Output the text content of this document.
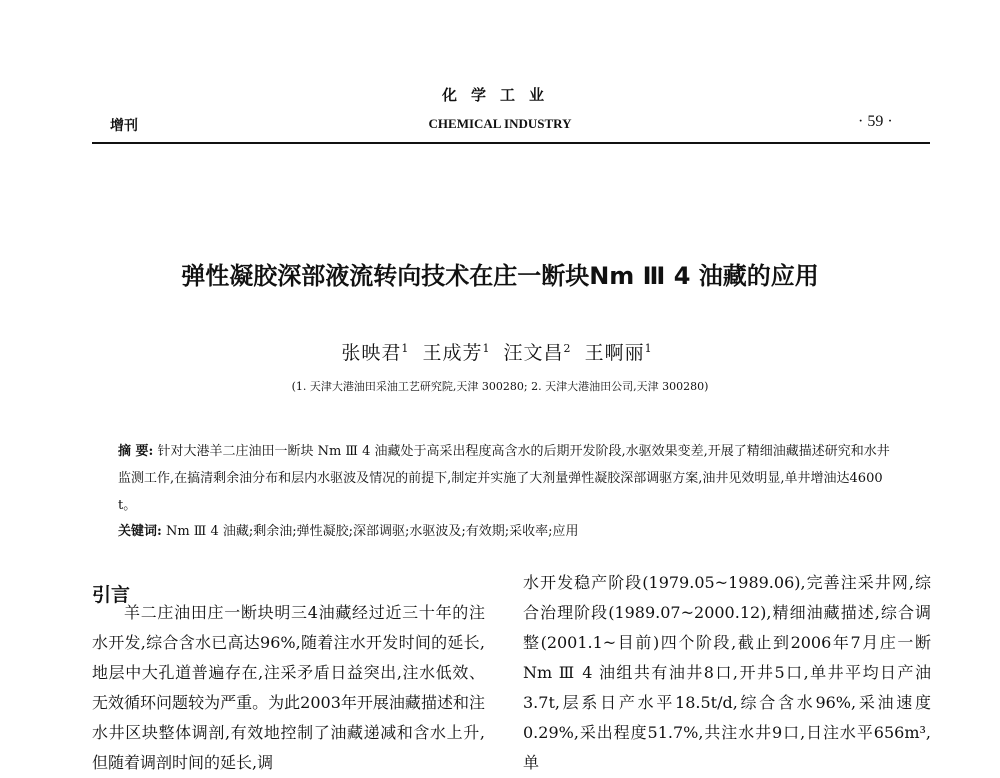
化学工业
增刊	CHEMICAL INDUSTRY	· 59 ·
弹性凝胶深部液流转向技术在庄一断块Nm Ⅲ 4 油藏的应用
张映君$^1$ 王成芳$^1$ 汪文昌$^2$ 王啊丽$^1$
(1. 天津大港油田采油工艺研究院,天津 300280; 2. 天津大港油田公司,天津 300280)
摘 要: 针对大港羊二庄油田一断块 Nm Ⅲ 4 油藏处于高采出程度高含水的后期开发阶段,水驱效果变差,开展了精细油藏描述研究和水井监测工作,在搞清剩余油分布和层内水驱波及情况的前提下,制定并实施了大剂量弹性凝胶深部调驱方案,油井见效明显,单井增油达4600 t。
关键词: Nm Ⅲ 4 油藏;剩余油;弹性凝胶;深部调驱;水驱波及;有效期;采收率;应用
引言

羊二庄油田庄一断块明三4油藏经过近三十年的注水开发,综合含水已高达96%,随着注水开发时间的延长,地层中大孔道普遍存在,注采矛盾日益突出,注水低效、无效循环问题较为严重。为此2003年开展油藏描述和注水井区块整体调剖,有效地控制了油藏递减和含水上升,但随着调剖时间的延长,调

水开发稳产阶段(1979.05~1989.06),完善注采井网,综合治理阶段(1989.07~2000.12),精细油藏描述,综合调整(2001.1~目前)四个阶段,截止到2006年7月庄一断 Nm Ⅲ 4 油组共有油井8口,开井5口,单井平均日产油3.7t,层系日产水平18.5t/d,综合含水96%,采油速度0.29%,采出程度51.7%,共注水井9口,日注水平656m³,单
